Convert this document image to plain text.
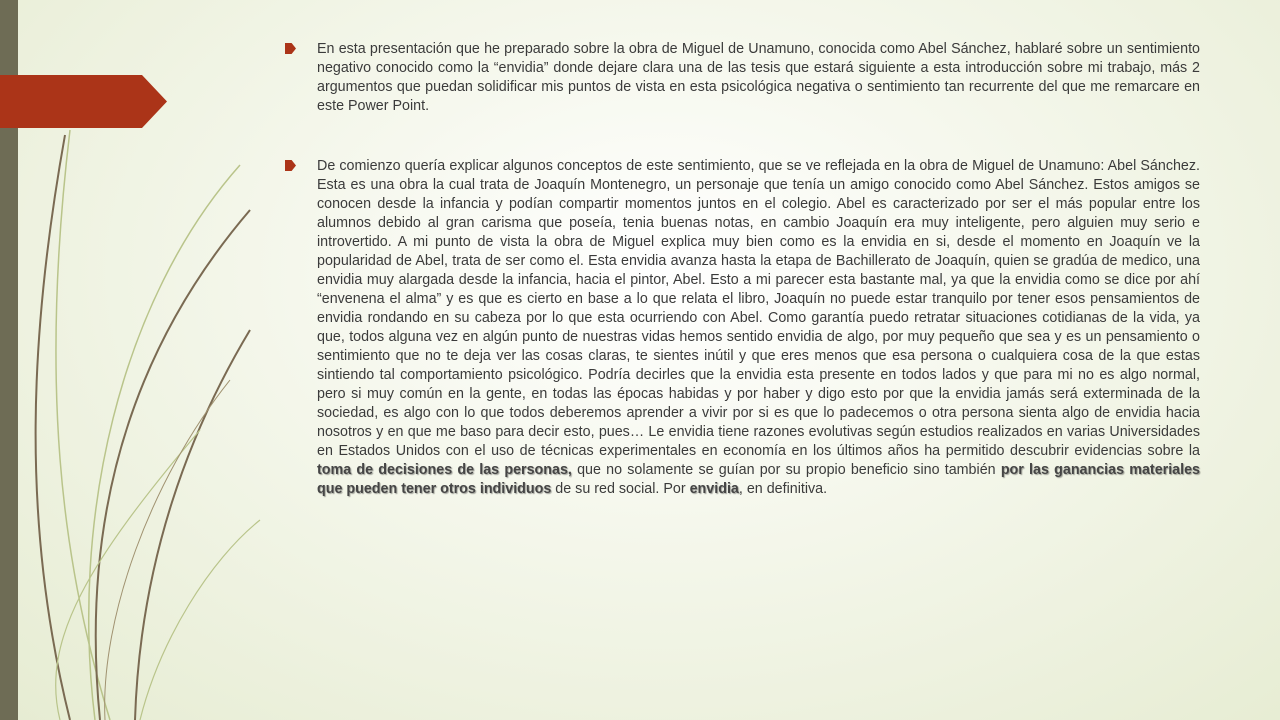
En esta presentación que he preparado sobre la obra de Miguel de Unamuno, conocida como Abel Sánchez, hablaré sobre un sentimiento negativo conocido como la “envidia” donde dejare clara una de las tesis que estará siguiente a esta introducción sobre mi trabajo, más 2 argumentos que puedan solidificar mis puntos de vista en esta psicológica negativa o sentimiento tan recurrente del que me remarcare en este Power Point.

De comienzo quería explicar algunos conceptos de este sentimiento, que se ve reflejada en la obra de Miguel de Unamuno: Abel Sánchez. Esta es una obra la cual trata de Joaquín Montenegro, un personaje que tenía un amigo conocido como Abel Sánchez. Estos amigos se conocen desde la infancia y podían compartir momentos juntos en el colegio. Abel es caracterizado por ser el más popular entre los alumnos debido al gran carisma que poseía, tenia buenas notas, en cambio Joaquín era muy inteligente, pero alguien muy serio e introvertido. A mi punto de vista la obra de Miguel explica muy bien como es la envidia en si, desde el momento en Joaquín ve la popularidad de Abel, trata de ser como el. Esta envidia avanza hasta la etapa de Bachillerato de Joaquín, quien se gradúa de medico, una envidia muy alargada desde la infancia, hacia el pintor, Abel. Esto a mi parecer esta bastante mal, ya que la envidia como se dice por ahí “envenena el alma” y es que es cierto en base a lo que relata el libro, Joaquín no puede estar tranquilo por tener esos pensamientos de envidia rondando en su cabeza por lo que esta ocurriendo con Abel. Como garantía puedo retratar situaciones cotidianas de la vida, ya que, todos alguna vez en algún punto de nuestras vidas hemos sentido envidia de algo, por muy pequeño que sea y es un pensamiento o sentimiento que no te deja ver las cosas claras, te sientes inútil y que eres menos que esa persona o cualquiera cosa de la que estas sintiendo tal comportamiento psicológico. Podría decirles que la envidia esta presente en todos lados y que para mi no es algo normal, pero si muy común en la gente, en todas las épocas habidas y por haber y digo esto por que la envidia jamás será exterminada de la sociedad, es algo con lo que todos deberemos aprender a vivir por si es que lo padecemos o otra persona sienta algo de envidia hacia nosotros y en que me baso para decir esto, pues… Le envidia tiene razones evolutivas según estudios realizados en varias Universidades en Estados Unidos con el uso de técnicas experimentales en economía en los últimos años ha permitido descubrir evidencias sobre la toma de decisiones de las personas, que no solamente se guían por su propio beneficio sino también por las ganancias materiales que pueden tener otros individuos de su red social. Por envidia, en definitiva.
